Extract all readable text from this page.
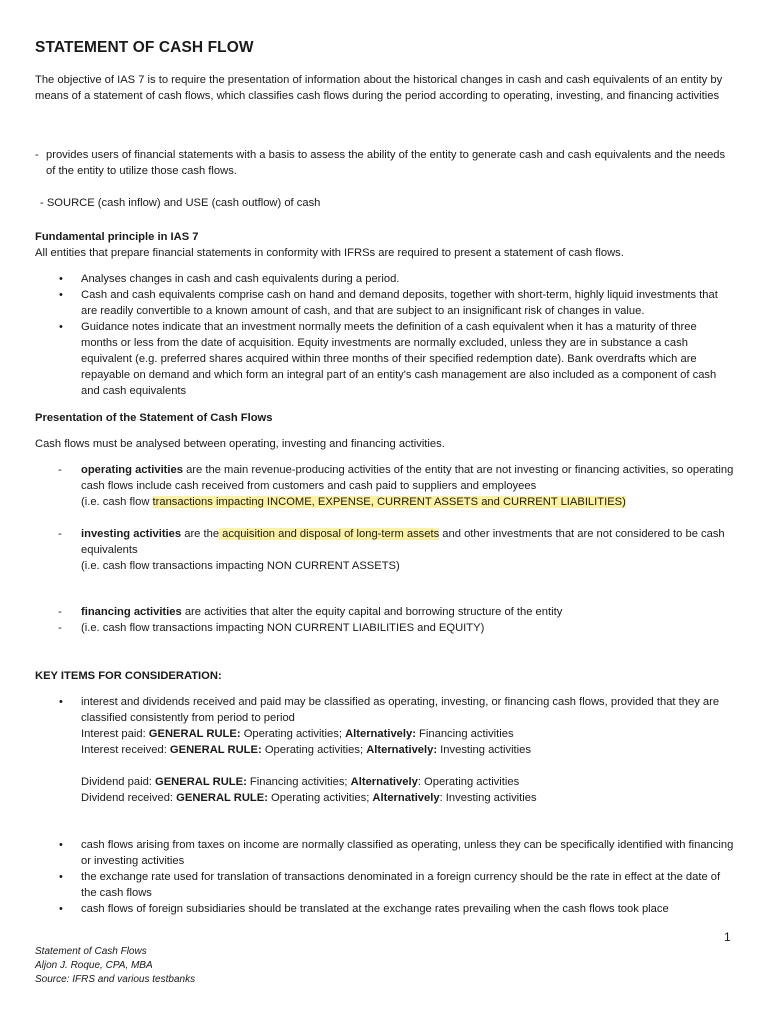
STATEMENT OF CASH FLOW

The objective of IAS 7 is to require the presentation of information about the historical changes in cash and cash equivalents of an entity by means of a statement of cash flows, which classifies cash flows during the period according to operating, investing, and financing activities

- provides users of financial statements with a basis to assess the ability of the entity to generate cash and cash equivalents and the needs of the entity to utilize those cash flows.

- SOURCE (cash inflow) and USE (cash outflow) of cash

Fundamental principle in IAS 7

All entities that prepare financial statements in conformity with IFRSs are required to present a statement of cash flows.

• Analyses changes in cash and cash equivalents during a period.
• Cash and cash equivalents comprise cash on hand and demand deposits, together with short-term, highly liquid investments that are readily convertible to a known amount of cash, and that are subject to an insignificant risk of changes in value.
• Guidance notes indicate that an investment normally meets the definition of a cash equivalent when it has a maturity of three months or less from the date of acquisition. Equity investments are normally excluded, unless they are in substance a cash equivalent (e.g. preferred shares acquired within three months of their specified redemption date). Bank overdrafts which are repayable on demand and which form an integral part of an entity's cash management are also included as a component of cash and cash equivalents

Presentation of the Statement of Cash Flows

Cash flows must be analysed between operating, investing and financing activities.

- operating activities are the main revenue-producing activities of the entity that are not investing or financing activities, so operating cash flows include cash received from customers and cash paid to suppliers and employees
(i.e. cash flow transactions impacting INCOME, EXPENSE, CURRENT ASSETS and CURRENT LIABILITIES)
- investing activities are the acquisition and disposal of long-term assets and other investments that are not considered to be cash equivalents
(i.e. cash flow transactions impacting NON CURRENT ASSETS)
- financing activities are activities that alter the equity capital and borrowing structure of the entity
- (i.e. cash flow transactions impacting NON CURRENT LIABILITIES and EQUITY)

KEY ITEMS FOR CONSIDERATION:

• interest and dividends received and paid may be classified as operating, investing, or financing cash flows, provided that they are classified consistently from period to period
Interest paid: GENERAL RULE: Operating activities; Alternatively: Financing activities
Interest received: GENERAL RULE: Operating activities; Alternatively: Investing activities

Dividend paid: GENERAL RULE: Financing activities; Alternatively: Operating activities
Dividend received: GENERAL RULE: Operating activities; Alternatively: Investing activities
• cash flows arising from taxes on income are normally classified as operating, unless they can be specifically identified with financing or investing activities
• the exchange rate used for translation of transactions denominated in a foreign currency should be the rate in effect at the date of the cash flows
• cash flows of foreign subsidiaries should be translated at the exchange rates prevailing when the cash flows took place
Statement of Cash Flows
Aljon J. Roque, CPA, MBA
Source: IFRS and various testbanks
1
